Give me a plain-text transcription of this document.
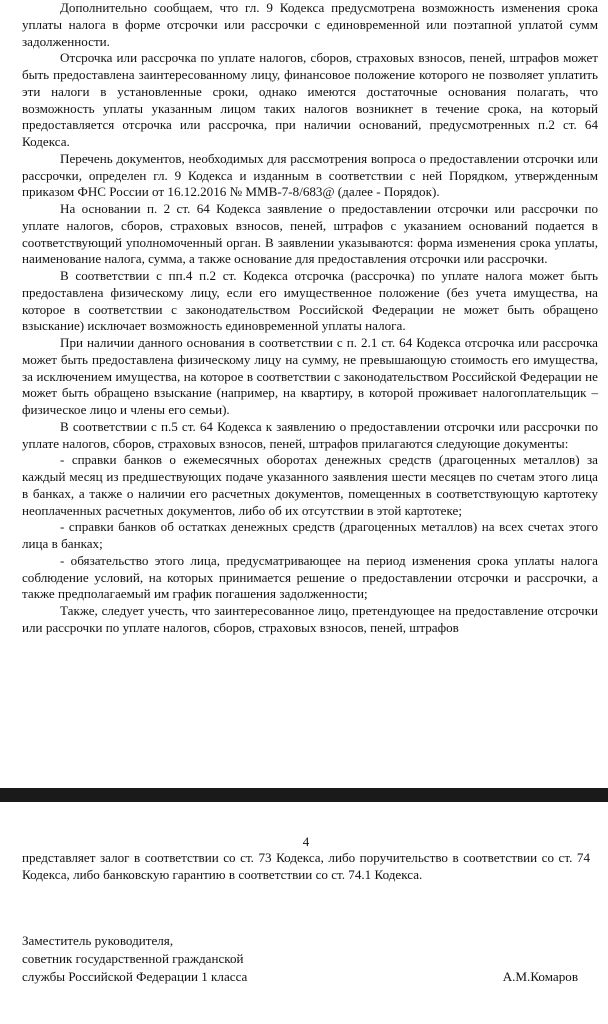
Дополнительно сообщаем, что гл. 9 Кодекса предусмотрена возможность изменения срока уплаты налога в форме отсрочки или рассрочки с единовременной или поэтапной уплатой сумм задолженности.

Отсрочка или рассрочка по уплате налогов, сборов, страховых взносов, пеней, штрафов может быть предоставлена заинтересованному лицу, финансовое положение которого не позволяет уплатить эти налоги в установленные сроки, однако имеются достаточные основания полагать, что возможность уплаты указанным лицом таких налогов возникнет в течение срока, на который предоставляется отсрочка или рассрочка, при наличии оснований, предусмотренных п.2 ст. 64 Кодекса.

Перечень документов, необходимых для рассмотрения вопроса о предоставлении отсрочки или рассрочки, определен гл. 9 Кодекса и изданным в соответствии с ней Порядком, утвержденным приказом ФНС России от 16.12.2016 № ММВ-7-8/683@ (далее - Порядок).

На основании п. 2 ст. 64 Кодекса заявление о предоставлении отсрочки или рассрочки по уплате налогов, сборов, страховых взносов, пеней, штрафов с указанием оснований подается в соответствующий уполномоченный орган. В заявлении указываются: форма изменения срока уплаты, наименование налога, сумма, а также основание для предоставления отсрочки или рассрочки.

В соответствии с пп.4 п.2 ст. Кодекса отсрочка (рассрочка) по уплате налога может быть предоставлена физическому лицу, если его имущественное положение (без учета имущества, на которое в соответствии с законодательством Российской Федерации не может быть обращено взыскание) исключает возможность единовременной уплаты налога.

При наличии данного основания в соответствии с п. 2.1 ст. 64 Кодекса отсрочка или рассрочка может быть предоставлена физическому лицу на сумму, не превышающую стоимость его имущества, за исключением имущества, на которое в соответствии с законодательством Российской Федерации не может быть обращено взыскание (например, на квартиру, в которой проживает налогоплательщик – физическое лицо и члены его семьи).

В соответствии с п.5 ст. 64 Кодекса к заявлению о предоставлении отсрочки или рассрочки по уплате налогов, сборов, страховых взносов, пеней, штрафов прилагаются следующие документы:

- справки банков о ежемесячных оборотах денежных средств (драгоценных металлов) за каждый месяц из предшествующих подаче указанного заявления шести месяцев по счетам этого лица в банках, а также о наличии его расчетных документов, помещенных в соответствующую картотеку неоплаченных расчетных документов, либо об их отсутствии в этой картотеке;

- справки банков об остатках денежных средств (драгоценных металлов) на всех счетах этого лица в банках;

- обязательство этого лица, предусматривающее на период изменения срока уплаты налога соблюдение условий, на которых принимается решение о предоставлении отсрочки и рассрочки, а также предполагаемый им график погашения задолженности;

Также, следует учесть, что заинтересованное лицо, претендующее на предоставление отсрочки или рассрочки по уплате налогов, сборов, страховых взносов, пеней, штрафов

4

представляет залог в соответствии со ст. 73 Кодекса, либо поручительство в соответствии со ст. 74 Кодекса, либо банковскую гарантию в соответствии со ст. 74.1 Кодекса.

Заместитель руководителя,
советник государственной гражданской
службы Российской Федерации 1 класса	А.М.Комаров
